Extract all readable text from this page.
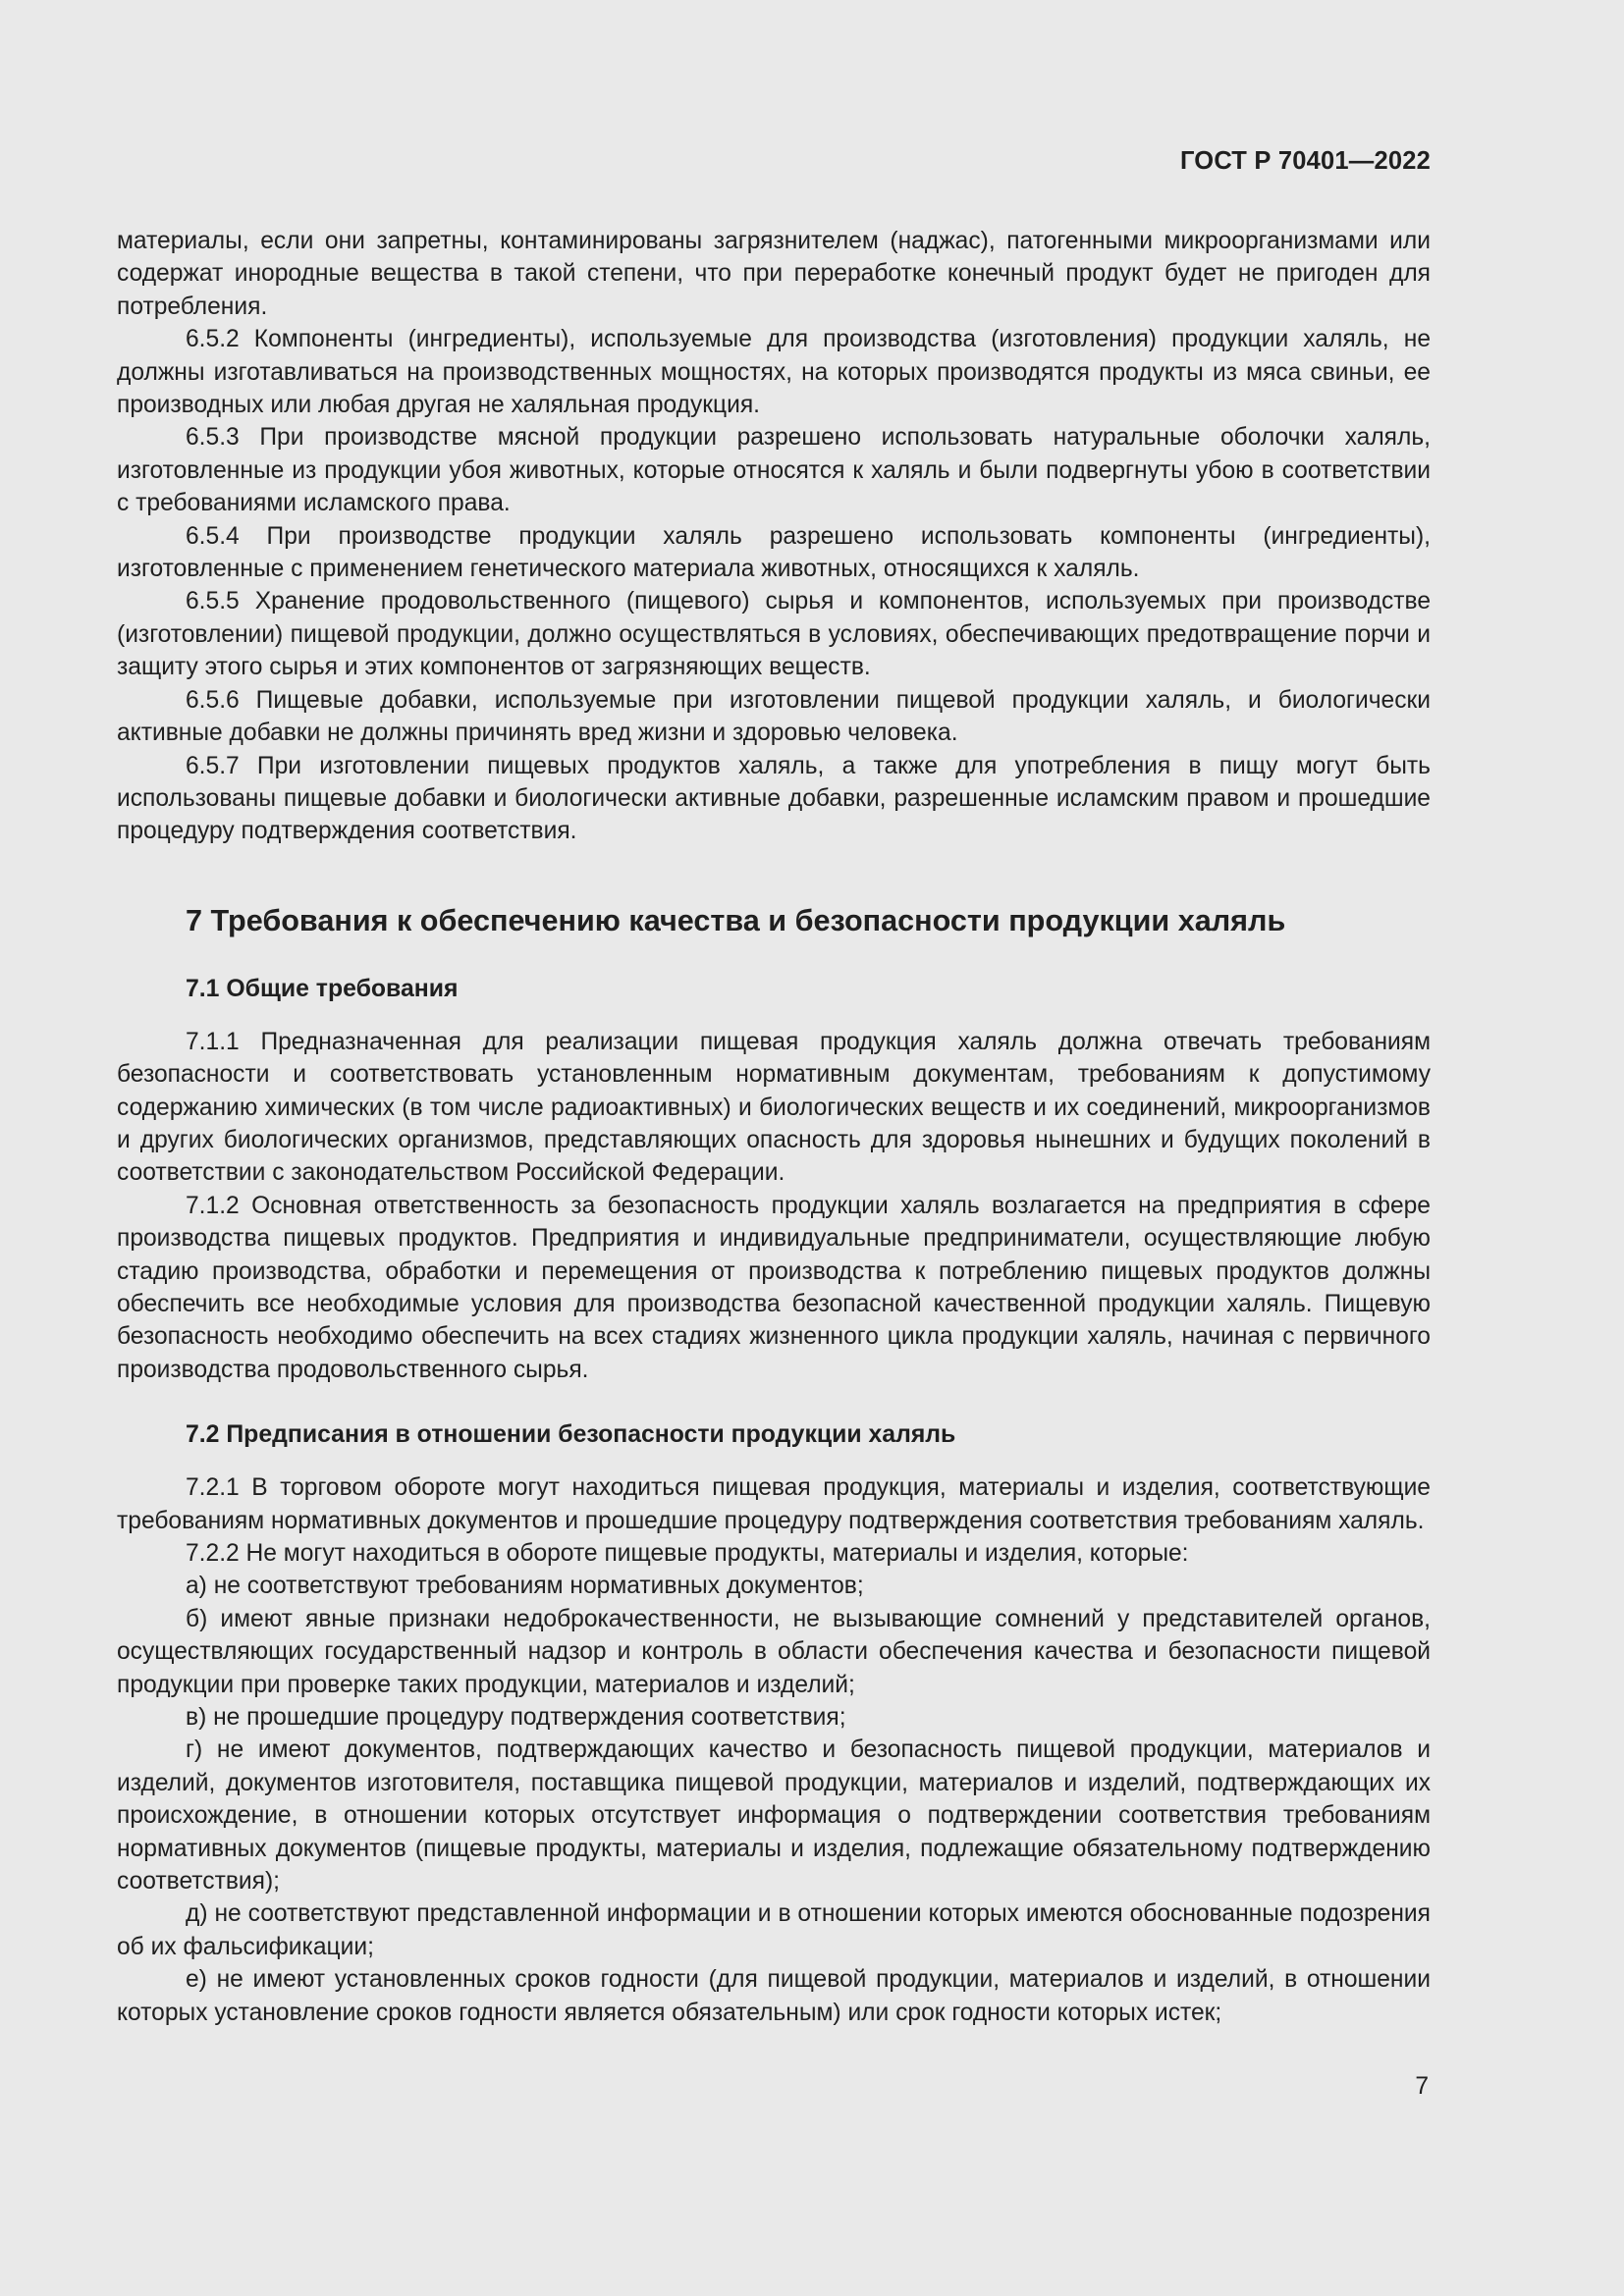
ГОСТ Р 70401—2022

материалы, если они запретны, контаминированы загрязнителем (наджас), патогенными микроорганизмами или содержат инородные вещества в такой степени, что при переработке конечный продукт будет не пригоден для потребления.

6.5.2 Компоненты (ингредиенты), используемые для производства (изготовления) продукции халяль, не должны изготавливаться на производственных мощностях, на которых производятся продукты из мяса свиньи, ее производных или любая другая не халяльная продукция.

6.5.3 При производстве мясной продукции разрешено использовать натуральные оболочки халяль, изготовленные из продукции убоя животных, которые относятся к халяль и были подвергнуты убою в соответствии с требованиями исламского права.

6.5.4 При производстве продукции халяль разрешено использовать компоненты (ингредиенты), изготовленные с применением генетического материала животных, относящихся к халяль.

6.5.5 Хранение продовольственного (пищевого) сырья и компонентов, используемых при производстве (изготовлении) пищевой продукции, должно осуществляться в условиях, обеспечивающих предотвращение порчи и защиту этого сырья и этих компонентов от загрязняющих веществ.

6.5.6 Пищевые добавки, используемые при изготовлении пищевой продукции халяль, и биологически активные добавки не должны причинять вред жизни и здоровью человека.

6.5.7 При изготовлении пищевых продуктов халяль, а также для употребления в пищу могут быть использованы пищевые добавки и биологически активные добавки, разрешенные исламским правом и прошедшие процедуру подтверждения соответствия.

7 Требования к обеспечению качества и безопасности продукции халяль
7.1 Общие требования

7.1.1 Предназначенная для реализации пищевая продукция халяль должна отвечать требованиям безопасности и соответствовать установленным нормативным документам, требованиям к допустимому содержанию химических (в том числе радиоактивных) и биологических веществ и их соединений, микроорганизмов и других биологических организмов, представляющих опасность для здоровья нынешних и будущих поколений в соответствии с законодательством Российской Федерации.

7.1.2 Основная ответственность за безопасность продукции халяль возлагается на предприятия в сфере производства пищевых продуктов. Предприятия и индивидуальные предприниматели, осуществляющие любую стадию производства, обработки и перемещения от производства к потреблению пищевых продуктов должны обеспечить все необходимые условия для производства безопасной качественной продукции халяль. Пищевую безопасность необходимо обеспечить на всех стадиях жизненного цикла продукции халяль, начиная с первичного производства продовольственного сырья.

7.2 Предписания в отношении безопасности продукции халяль

7.2.1 В торговом обороте могут находиться пищевая продукция, материалы и изделия, соответствующие требованиям нормативных документов и прошедшие процедуру подтверждения соответствия требованиям халяль.

7.2.2 Не могут находиться в обороте пищевые продукты, материалы и изделия, которые:

а) не соответствуют требованиям нормативных документов;

б) имеют явные признаки недоброкачественности, не вызывающие сомнений у представителей органов, осуществляющих государственный надзор и контроль в области обеспечения качества и безопасности пищевой продукции при проверке таких продукции, материалов и изделий;

в) не прошедшие процедуру подтверждения соответствия;

г) не имеют документов, подтверждающих качество и безопасность пищевой продукции, материалов и изделий, документов изготовителя, поставщика пищевой продукции, материалов и изделий, подтверждающих их происхождение, в отношении которых отсутствует информация о подтверждении соответствия требованиям нормативных документов (пищевые продукты, материалы и изделия, подлежащие обязательному подтверждению соответствия);

д) не соответствуют представленной информации и в отношении которых имеются обоснованные подозрения об их фальсификации;

е) не имеют установленных сроков годности (для пищевой продукции, материалов и изделий, в отношении которых установление сроков годности является обязательным) или срок годности которых истек;

7
